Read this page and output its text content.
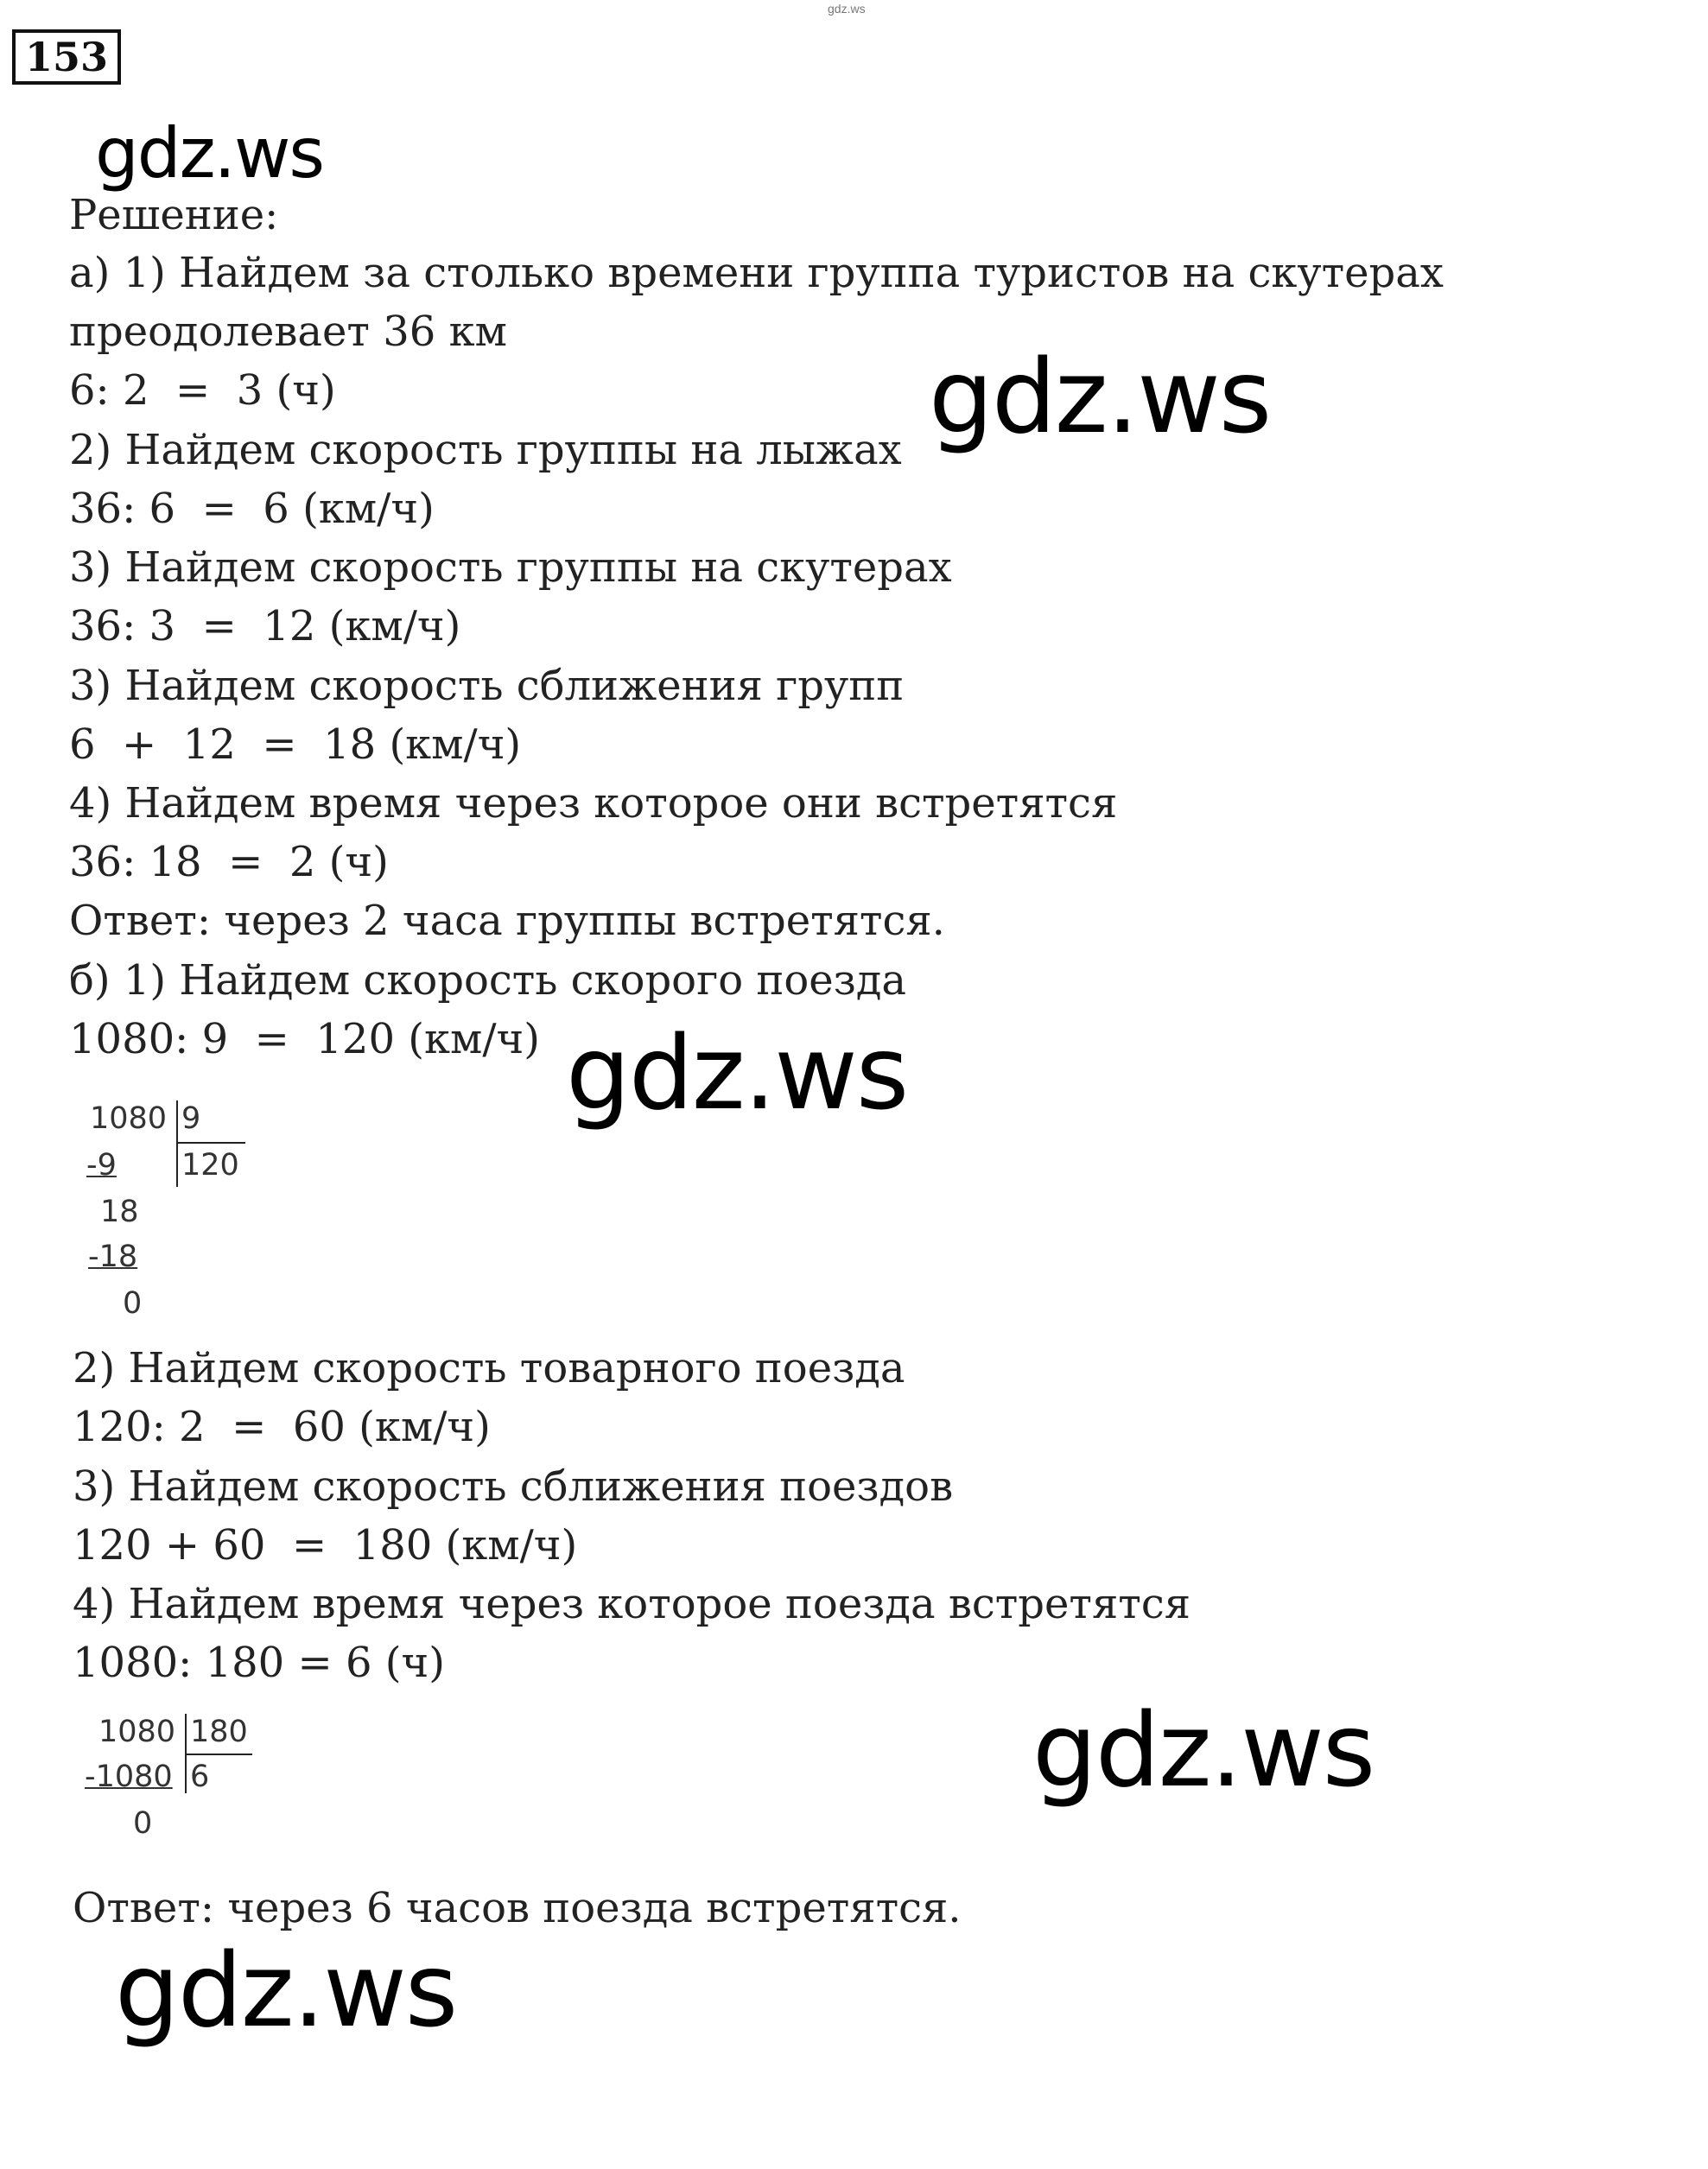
153
gdz.ws
gdz.ws
gdz.ws
gdz.ws
gdz.ws
gdz.ws
Решение:
а) 1) Найдем за столько времени группа туристов на скутерах
преодолевает 36 км
6: 2  =  3 (ч)
2) Найдем скорость группы на лыжах
36: 6  =  6 (км/ч)
3) Найдем скорость группы на скутерах
36: 3  =  12 (км/ч)
3) Найдем скорость сближения групп
6  +  12  =  18 (км/ч)
4) Найдем время через которое они встретятся
36: 18  =  2 (ч)
Ответ: через 2 часа группы встретятся.
б) 1) Найдем скорость скорого поезда
1080: 9  =  120 (км/ч)
1080 9
120
-9
18
-18
0
2) Найдем скорость товарного поезда
120: 2  =  60 (км/ч)
3) Найдем скорость сближения поездов
120 + 60  =  180 (км/ч)
4) Найдем время через которое поезда встретятся
1080: 180 = 6 (ч)
1080 180
6
-1080
0
Ответ: через 6 часов поезда встретятся.
